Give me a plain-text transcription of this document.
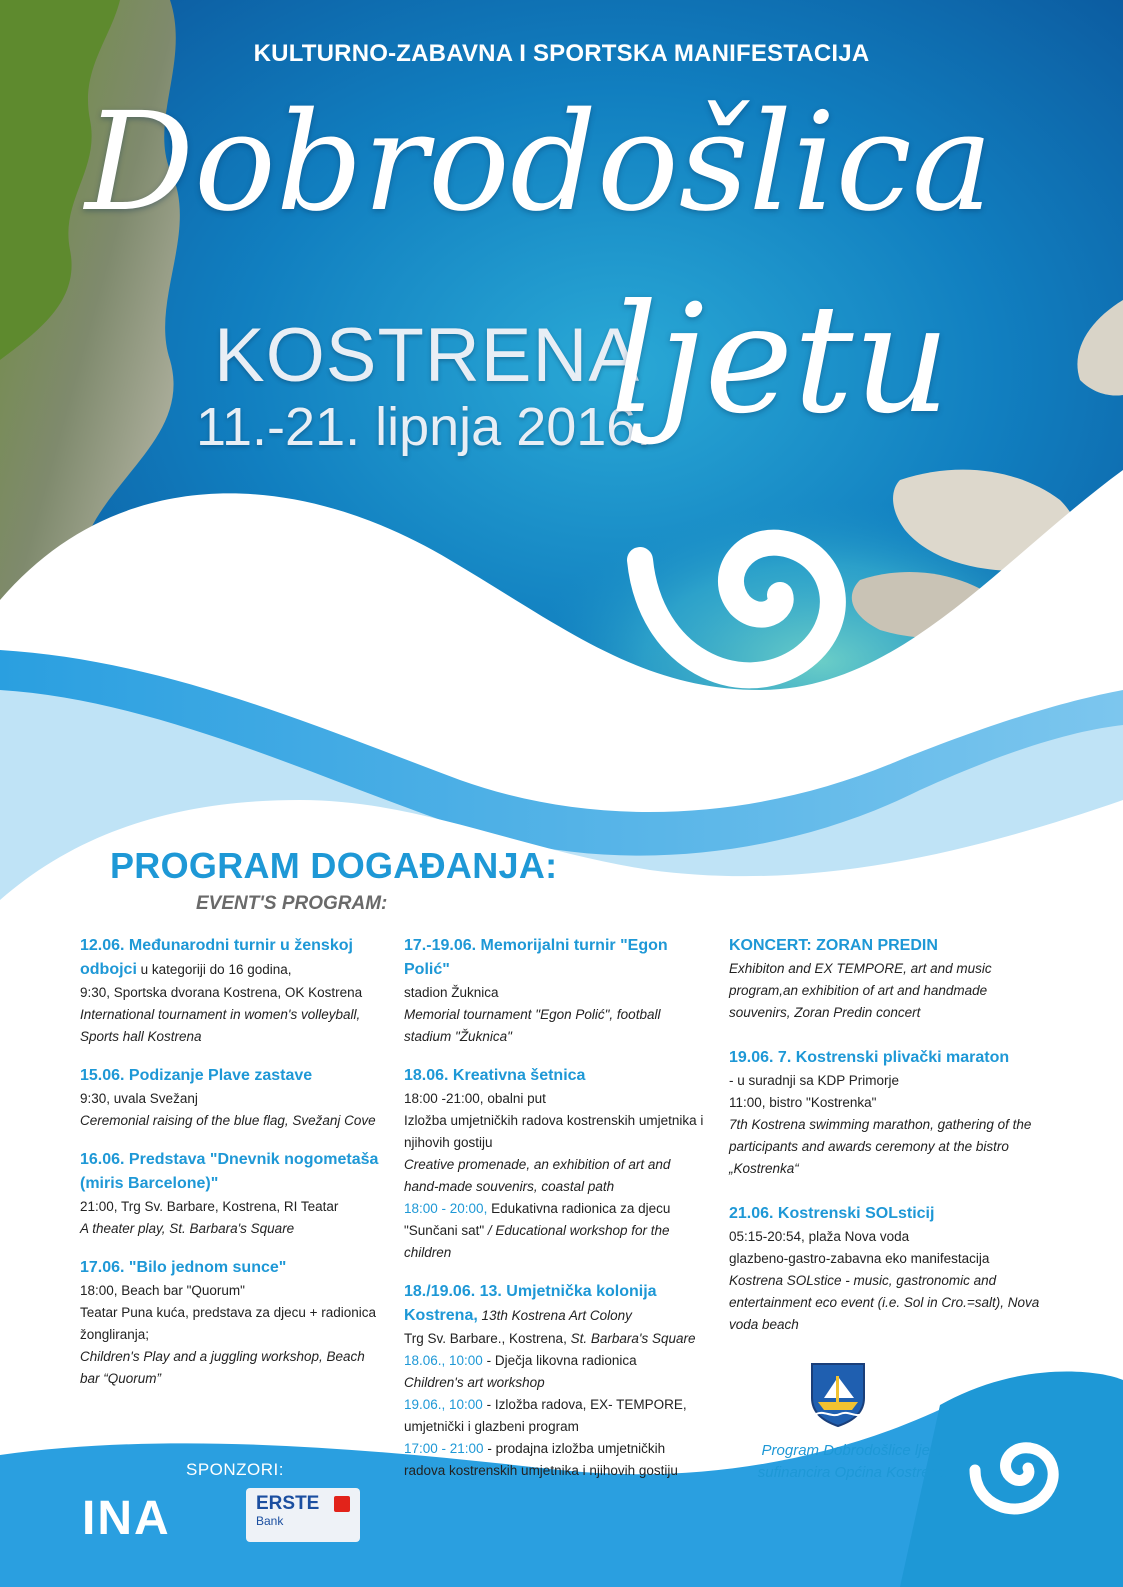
KULTURNO-ZABAVNA I SPORTSKA MANIFESTACIJA
Dobrodošlica
KOSTRENA
11.-21. lipnja 2016.
ljetu
PROGRAM DOGAĐANJA:
EVENT'S PROGRAM:
12.06. Međunarodni turnir u ženskoj
odbojci u kategoriji do 16 godina,
9:30, Sportska dvorana Kostrena, OK Kostrena
International tournament in women's volleyball, Sports hall Kostrena
15.06. Podizanje Plave zastave
9:30, uvala Svežanj
Ceremonial raising of the blue flag, Svežanj Cove
16.06. Predstava "Dnevnik nogometaša (miris Barcelone)"
21:00, Trg Sv. Barbare, Kostrena, RI Teatar
A theater play, St. Barbara's Square
17.06. "Bilo jednom sunce"
18:00, Beach bar "Quorum"
Teatar Puna kuća, predstava za djecu + radionica žongliranja;
Children's Play and a juggling workshop, Beach bar “Quorum”
17.-19.06. Memorijalni turnir "Egon Polić"
stadion Žuknica
Memorial tournament "Egon Polić", football stadium "Žuknica"
18.06. Kreativna šetnica
18:00 -21:00, obalni put
Izložba umjetničkih radova kostrenskih umjetnika i njihovih gostiju
Creative promenade, an exhibition of art and hand-made souvenirs, coastal path
18:00 - 20:00, Edukativna radionica za djecu "Sunčani sat" / Educational workshop for the children
18./19.06. 13. Umjetnička kolonija Kostrena, 13th Kostrena Art Colony
Trg Sv. Barbare., Kostrena, St. Barbara's Square
18.06., 10:00 - Dječja likovna radionica
Children's art workshop
19.06., 10:00 - Izložba radova, EX- TEMPORE, umjetnički i glazbeni program
17:00 - 21:00 - prodajna izložba umjetničkih radova kostrenskih umjetnika i njihovih gostiju
KONCERT: ZORAN PREDIN
Exhibiton and EX TEMPORE, art and music program,an exhibition of art and handmade souvenirs, Zoran Predin concert
19.06. 7. Kostrenski plivački maraton
- u suradnji sa KDP Primorje
11:00, bistro "Kostrenka"
7th Kostrena swimming marathon, gathering of the participants and awards ceremony at the bistro „Kostrenka“
21.06. Kostrenski SOLsticij
05:15-20:54, plaža Nova voda
glazbeno-gastro-zabavna eko manifestacija
Kostrena SOLstice - music, gastronomic and entertainment eco event (i.e. Sol in Cro.=salt), Nova voda beach
Program Dobrodošlice ljetu
sufinancira Općina Kostrena
SPONZORI:
INA	ERSTE
Bank
